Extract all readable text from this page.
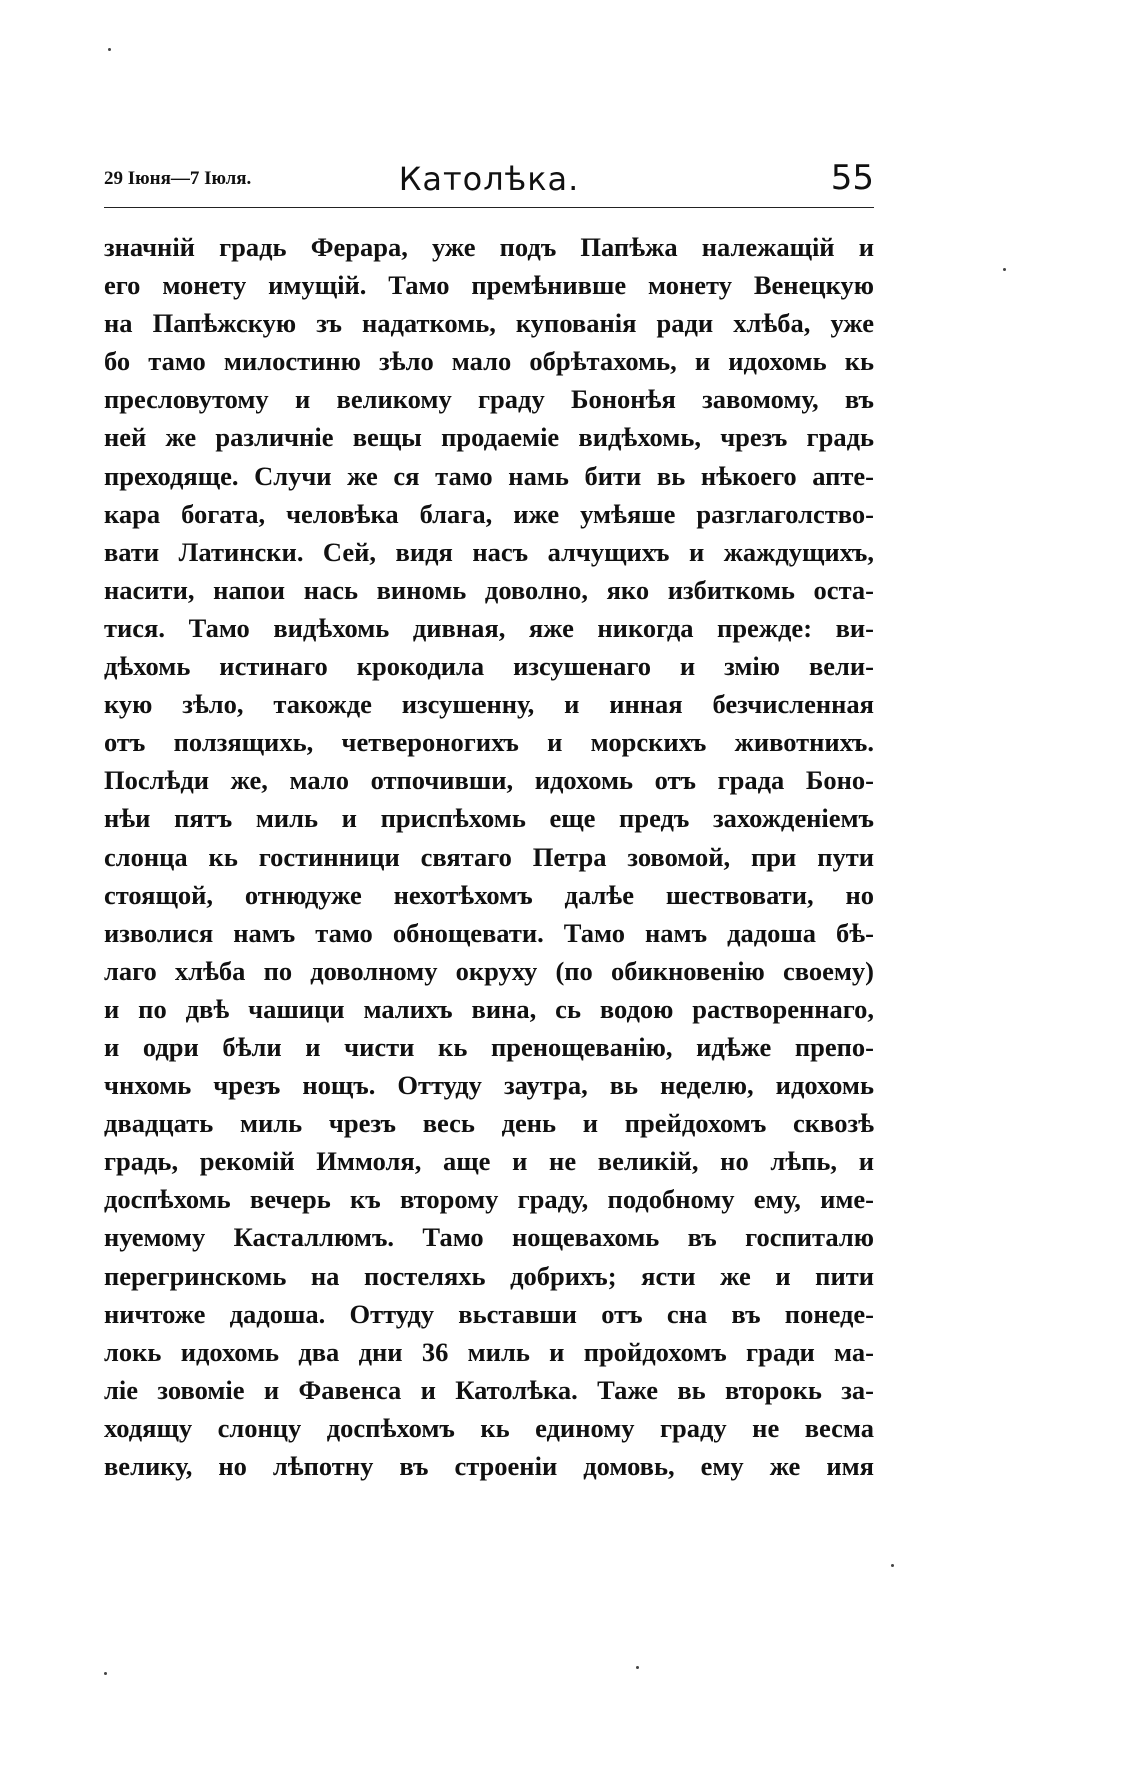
29 Іюня—7 Іюля.	Католѣка.	55
значній градь Ферара, уже подъ Папѣжа належащій и
его монету имущій. Тамо премѣнивше монету Венецкую
на Папѣжскую зъ надаткомь, купованія ради хлѣба, уже
бо тамо милостиню зѣло мало обрѣтахомь, и идохомь кь
пресловутому и великому граду Бононѣя завомому, въ
ней же различніе вещы продаеміе видѣхомь, чрезъ градь
преходяще. Случи же ся тамо намь бити вь нѣкоего апте-
кара богата, человѣка блага, иже умѣяше разглаголство-
вати Латински. Сей, видя насъ алчущихъ и жаждущихъ,
насити, напои нась виномь доволно, яко избиткомь оста-
тися. Тамо видѣхомь дивная, яже никогда прежде: ви-
дѣхомь истинаго крокодила изсушенаго и змію вели-
кую зѣло, такожде изсушенну, и инная безчисленная
отъ ползящихь, четвероногихъ и морскихъ животнихъ.
Послѣди же, мало отпочивши, идохомь отъ града Боно-
нѣи пятъ миль и приспѣхомь еще предъ захожденіемъ
слонца кь гостинници святаго Петра зовомой, при пути
стоящой, отнюдуже нехотѣхомъ далѣе шествовати, но
изволися намъ тамо обнощевати. Тамо намъ дадоша бѣ-
лаго хлѣба по доволному окруху (по обикновенію своему)
и по двѣ чашици малихъ вина, сь водою раствореннаго,
и одри бѣли и чисти кь пренощеванію, идѣже препо-
чнхомь чрезъ нощъ. Оттуду заутра, вь неделю, идохомь
двадцать миль чрезъ весь день и прейдохомъ сквозѣ
градь, рекомій Иммоля, аще и не великій, но лѣпь, и
доспѣхомь вечерь къ второму граду, подобному ему, име-
нуемому Касталлюмъ. Тамо нощевахомь въ госпиталю
перегринскомь на постеляхь добрихъ; ясти же и пити
ничтоже дадоша. Оттуду вьставши отъ сна въ понеде-
локь идохомь два дни 36 миль и пройдохомъ гради ма-
ліе зовоміе и Фавенса и Католѣка. Таже вь второкь за-
ходящу слонцу доспѣхомъ кь единому граду не весма
велику, но лѣпотну въ строеніи домовь, ему же имя
